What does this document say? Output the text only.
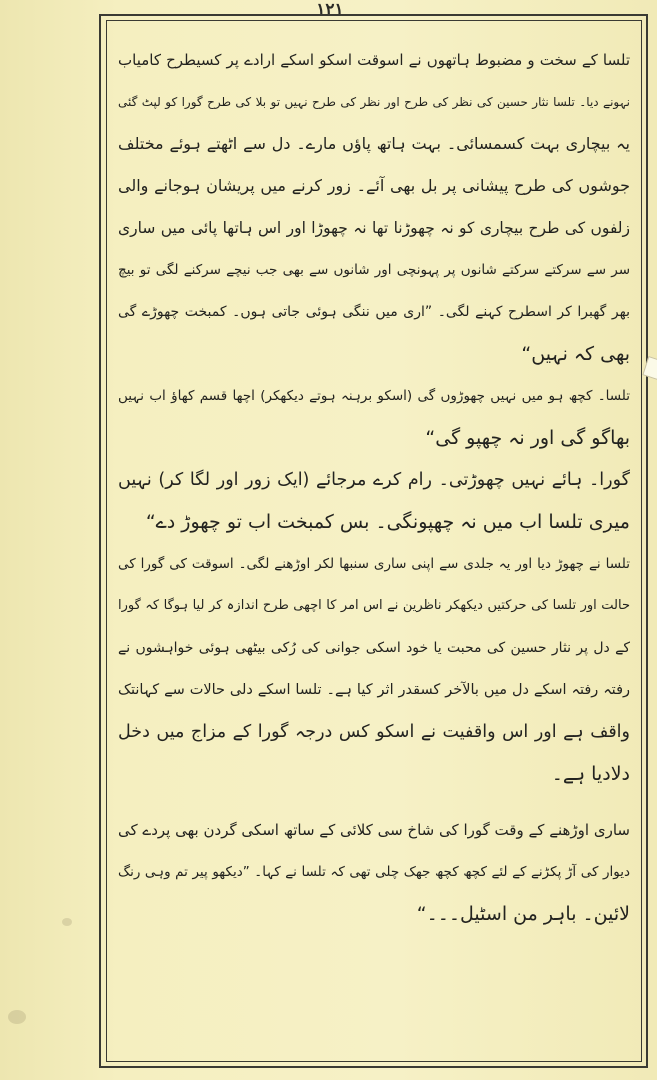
۱۲۱
تلسا کے سخت و مضبوط ہاتھوں نے اسوقت اسکو اسکے ارادے پر کسیطرح کامیاب
نہونے دیا۔ تلسا نثار حسین کی نظر کی طرح اور نظر کی طرح نہیں تو بلا کی طرح گورا کو لپٹ گئی
یہ بیچاری بہت کسمسائی۔ بہت ہاتھ پاؤں مارے۔ دل سے اٹھتے ہوئے مختلف
جوشوں کی طرح پیشانی پر بل بھی آئے۔ زور کرنے میں پریشان ہوجانے والی
زلفوں کی طرح بیچاری کو نہ چھوڑنا تھا نہ چھوڑا اور اس ہاتھا پائی میں ساری
سر سے سرکتے سرکتے شانوں پر پہونچی اور شانوں سے بھی جب نیچے سرکنے لگی تو بیچ
بھر گھبرا کر اسطرح کہنے لگی۔ ”اری میں ننگی ہوئی جاتی ہوں۔ کمبخت چھوڑے گی
بھی کہ نہیں“
تلسا۔ کچھ ہو میں نہیں چھوڑوں گی (اسکو برہنہ ہوتے دیکھکر) اچھا قسم کھاؤ اب نہیں
بھاگو گی اور نہ چھپو گی“
گورا۔ ہائے نہیں چھوڑتی۔ رام کرے مرجائے (ایک زور اور لگا کر) نہیں
میری تلسا اب میں نہ چھپونگی۔ بس کمبخت اب تو چھوڑ دے“
تلسا نے چھوڑ دیا اور یہ جلدی سے اپنی ساری سنبھا لکر اوڑھنے لگی۔ اسوقت کی گورا کی
حالت اور تلسا کی حرکتیں دیکھکر ناظرین نے اس امر کا اچھی طرح اندازہ کر لیا ہوگا کہ گورا
کے دل پر نثار حسین کی محبت یا خود اسکی جوانی کی رُکی بیٹھی ہوئی خواہشوں نے
رفتہ رفتہ اسکے دل میں بالآخر کسقدر اثر کیا ہے۔ تلسا اسکے دلی حالات سے کہانتک
واقف ہے اور اس واقفیت نے اسکو کس درجہ گورا کے مزاج میں دخل
دلادیا ہے۔
ساری اوڑھنے کے وقت گورا کی شاخ سی کلائی کے ساتھ اسکی گردن بھی پردے کی
دیوار کی آڑ پکڑنے کے لئے کچھ کچھ جھک چلی تھی کہ تلسا نے کہا۔ ”دیکھو پیر تم وہی رنگ
لائین۔ باہر من اسٹیل۔۔۔“
